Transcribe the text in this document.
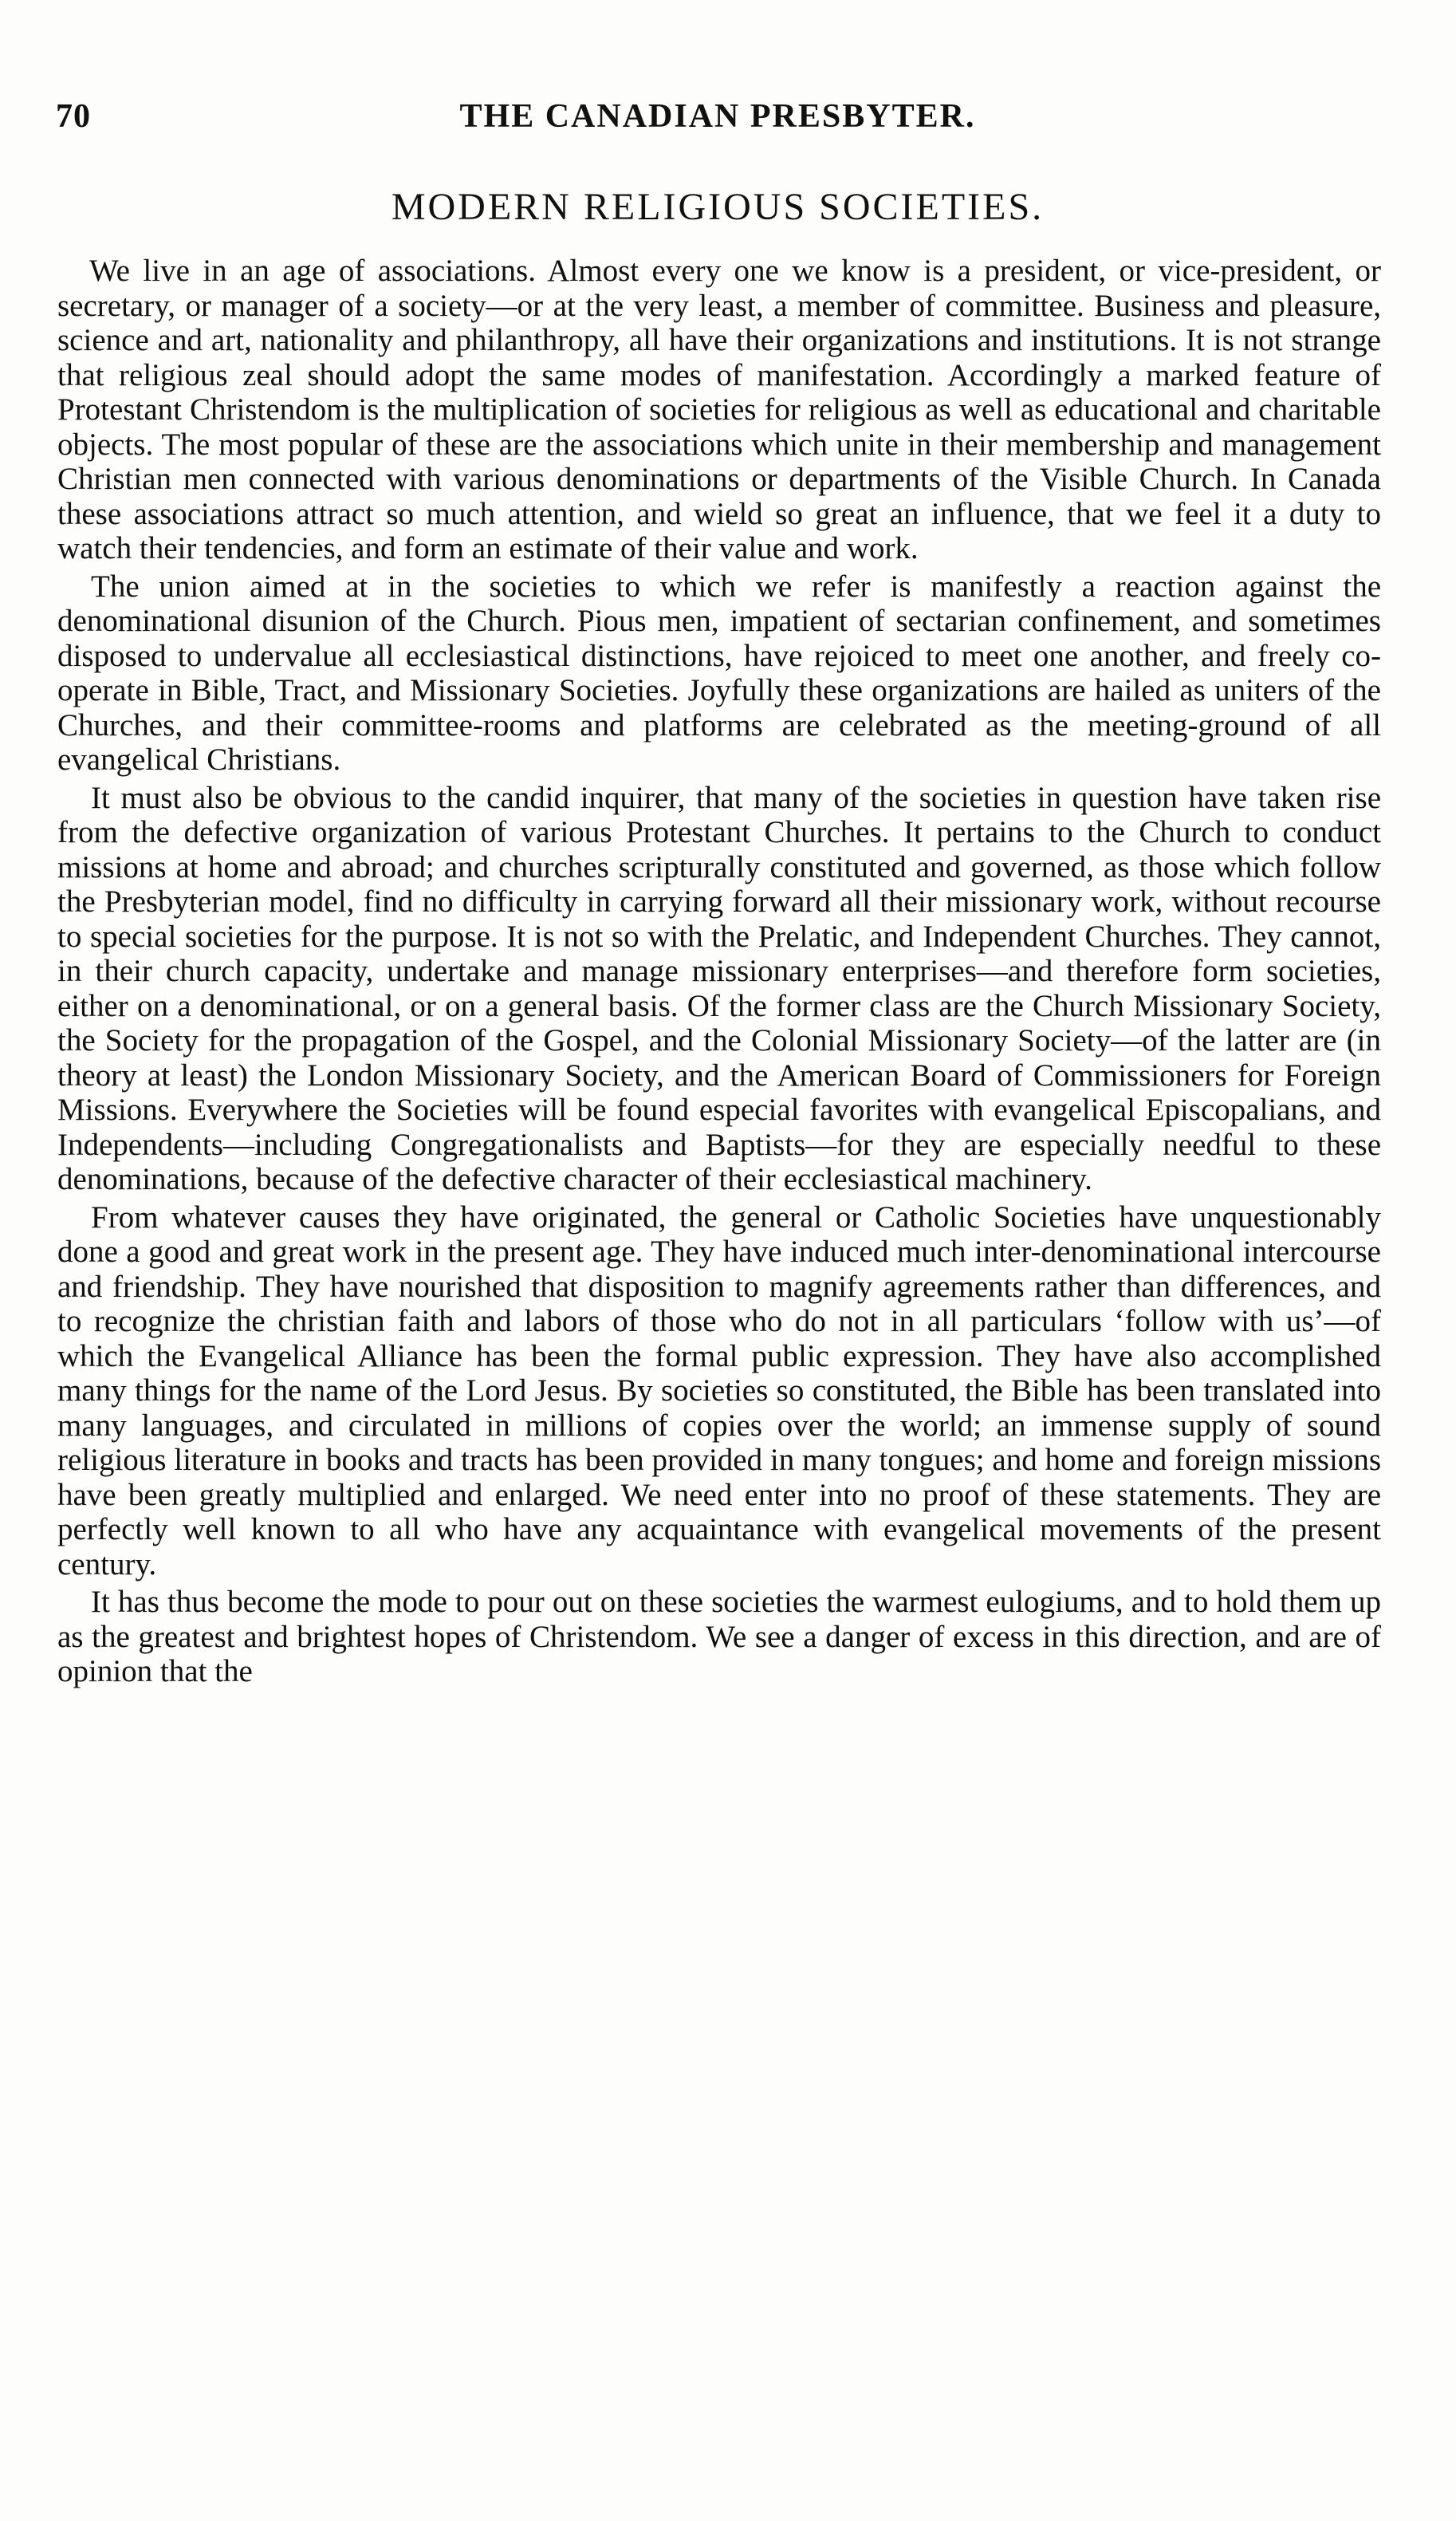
70	THE CANADIAN PRESBYTER.
MODERN RELIGIOUS SOCIETIES.

We live in an age of associations. Almost every one we know is a president, or vice-president, or secretary, or manager of a society—or at the very least, a member of committee. Business and pleasure, science and art, nationality and philanthropy, all have their organizations and institutions. It is not strange that religious zeal should adopt the same modes of manifestation. Accordingly a marked feature of Protestant Christendom is the multiplication of societies for religious as well as educational and charitable objects. The most popular of these are the associations which unite in their membership and management Christian men connected with various denominations or departments of the Visible Church. In Canada these associations attract so much attention, and wield so great an influence, that we feel it a duty to watch their tendencies, and form an estimate of their value and work.

The union aimed at in the societies to which we refer is manifestly a reaction against the denominational disunion of the Church. Pious men, impatient of sectarian confinement, and sometimes disposed to undervalue all ecclesiastical distinctions, have rejoiced to meet one another, and freely co-operate in Bible, Tract, and Missionary Societies. Joyfully these organizations are hailed as uniters of the Churches, and their committee-rooms and platforms are celebrated as the meeting-ground of all evangelical Christians.

It must also be obvious to the candid inquirer, that many of the societies in question have taken rise from the defective organization of various Protestant Churches. It pertains to the Church to conduct missions at home and abroad; and churches scripturally constituted and governed, as those which follow the Presbyterian model, find no difficulty in carrying forward all their missionary work, without recourse to special societies for the purpose. It is not so with the Prelatic, and Independent Churches. They cannot, in their church capacity, undertake and manage missionary enterprises—and therefore form societies, either on a denominational, or on a general basis. Of the former class are the Church Missionary Society, the Society for the propagation of the Gospel, and the Colonial Missionary Society—of the latter are (in theory at least) the London Missionary Society, and the American Board of Commissioners for Foreign Missions. Everywhere the Societies will be found especial favorites with evangelical Episcopalians, and Independents—including Congregationalists and Baptists—for they are especially needful to these denominations, because of the defective character of their ecclesiastical machinery.

From whatever causes they have originated, the general or Catholic Societies have unquestionably done a good and great work in the present age. They have induced much inter-denominational intercourse and friendship. They have nourished that disposition to magnify agreements rather than differences, and to recognize the christian faith and labors of those who do not in all particulars ‘follow with us’—of which the Evangelical Alliance has been the formal public expression. They have also accomplished many things for the name of the Lord Jesus. By societies so constituted, the Bible has been translated into many languages, and circulated in millions of copies over the world; an immense supply of sound religious literature in books and tracts has been provided in many tongues; and home and foreign missions have been greatly multiplied and enlarged. We need enter into no proof of these statements. They are perfectly well known to all who have any acquaintance with evangelical movements of the present century.

It has thus become the mode to pour out on these societies the warmest eulogiums, and to hold them up as the greatest and brightest hopes of Christendom. We see a danger of excess in this direction, and are of opinion that the
